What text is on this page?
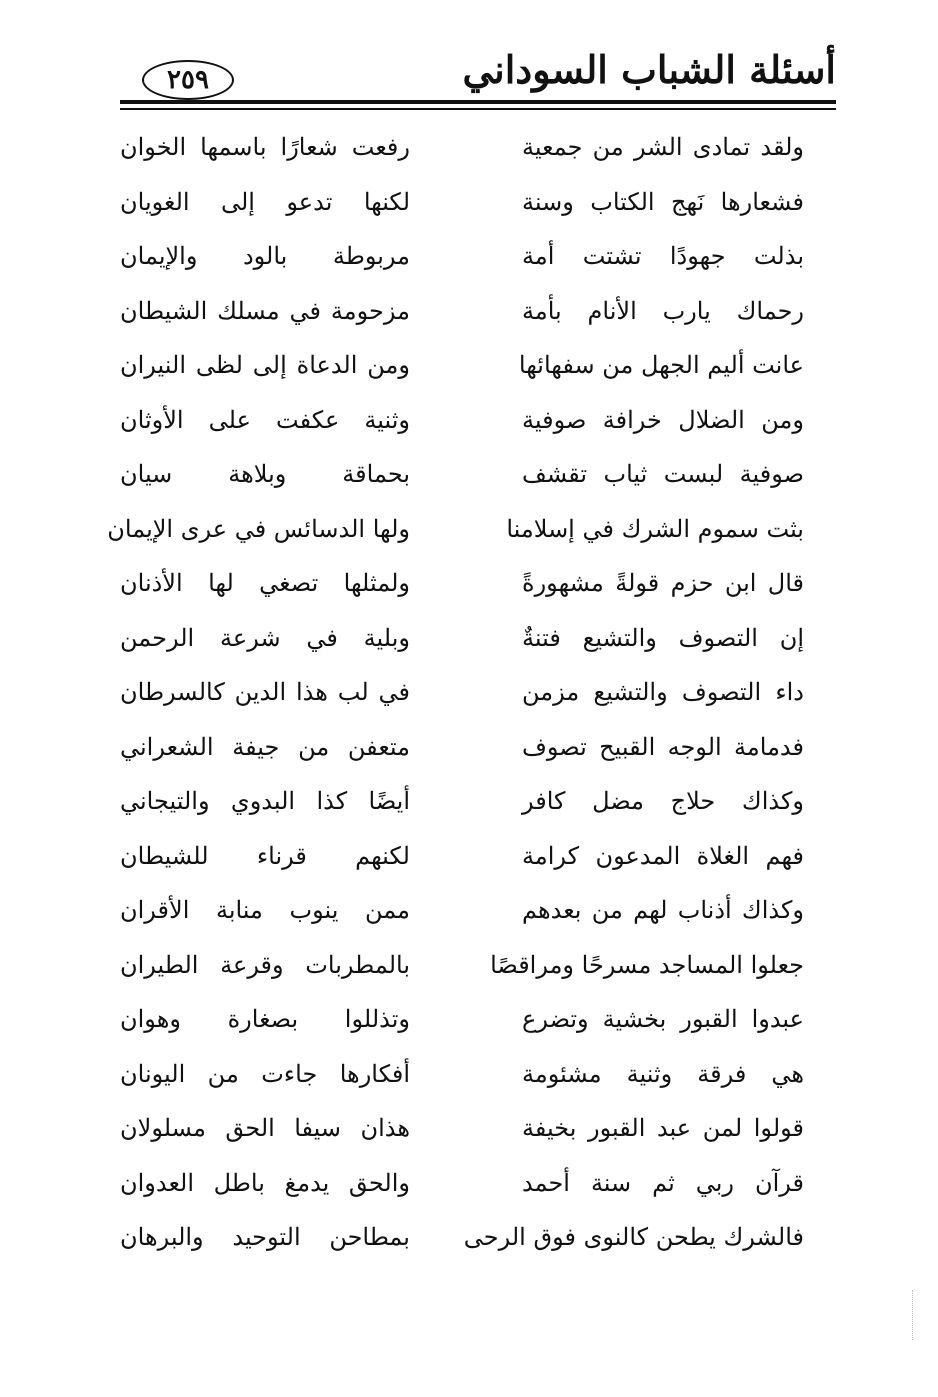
أسئلة الشباب السوداني
٢٥٩
ولقد تمادى الشر من جمعية
رفعت شعارًا باسمها الخوان
فشعارها نَهج الكتاب وسنة
لكنها تدعو إلى الغويان
بذلت جهودًا تشتت أمة
مربوطة بالود والإيمان
رحماك يارب الأنام بأمة
مزحومة في مسلك الشيطان
عانت أليم الجهل من سفهائها
ومن الدعاة إلى لظى النيران
ومن الضلال خرافة صوفية
وثنية عكفت على الأوثان
صوفية لبست ثياب تقشف
بحماقة وبلاهة سيان
بثت سموم الشرك في إسلامنا
ولها الدسائس في عرى الإيمان
قال ابن حزم قولةً مشهورةً
ولمثلها تصغي لها الأذنان
إن التصوف والتشيع فتنةٌ
وبلية في شرعة الرحمن
داء التصوف والتشيع مزمن
في لب هذا الدين كالسرطان
فدمامة الوجه القبيح تصوف
متعفن من جيفة الشعراني
وكذاك حلاج مضل كافر
أيضًا كذا البدوي والتيجاني
فهم الغلاة المدعون كرامة
لكنهم قرناء للشيطان
وكذاك أذناب لهم من بعدهم
ممن ينوب منابة الأقران
جعلوا المساجد مسرحًا ومراقصًا
بالمطربات وقرعة الطيران
عبدوا القبور بخشية وتضرع
وتذللوا بصغارة وهوان
هي فرقة وثنية مشئومة
أفكارها جاءت من اليونان
قولوا لمن عبد القبور بخيفة
هذان سيفا الحق مسلولان
قرآن ربي ثم سنة أحمد
والحق يدمغ باطل العدوان
فالشرك يطحن كالنوى فوق الرحى
بمطاحن التوحيد والبرهان
